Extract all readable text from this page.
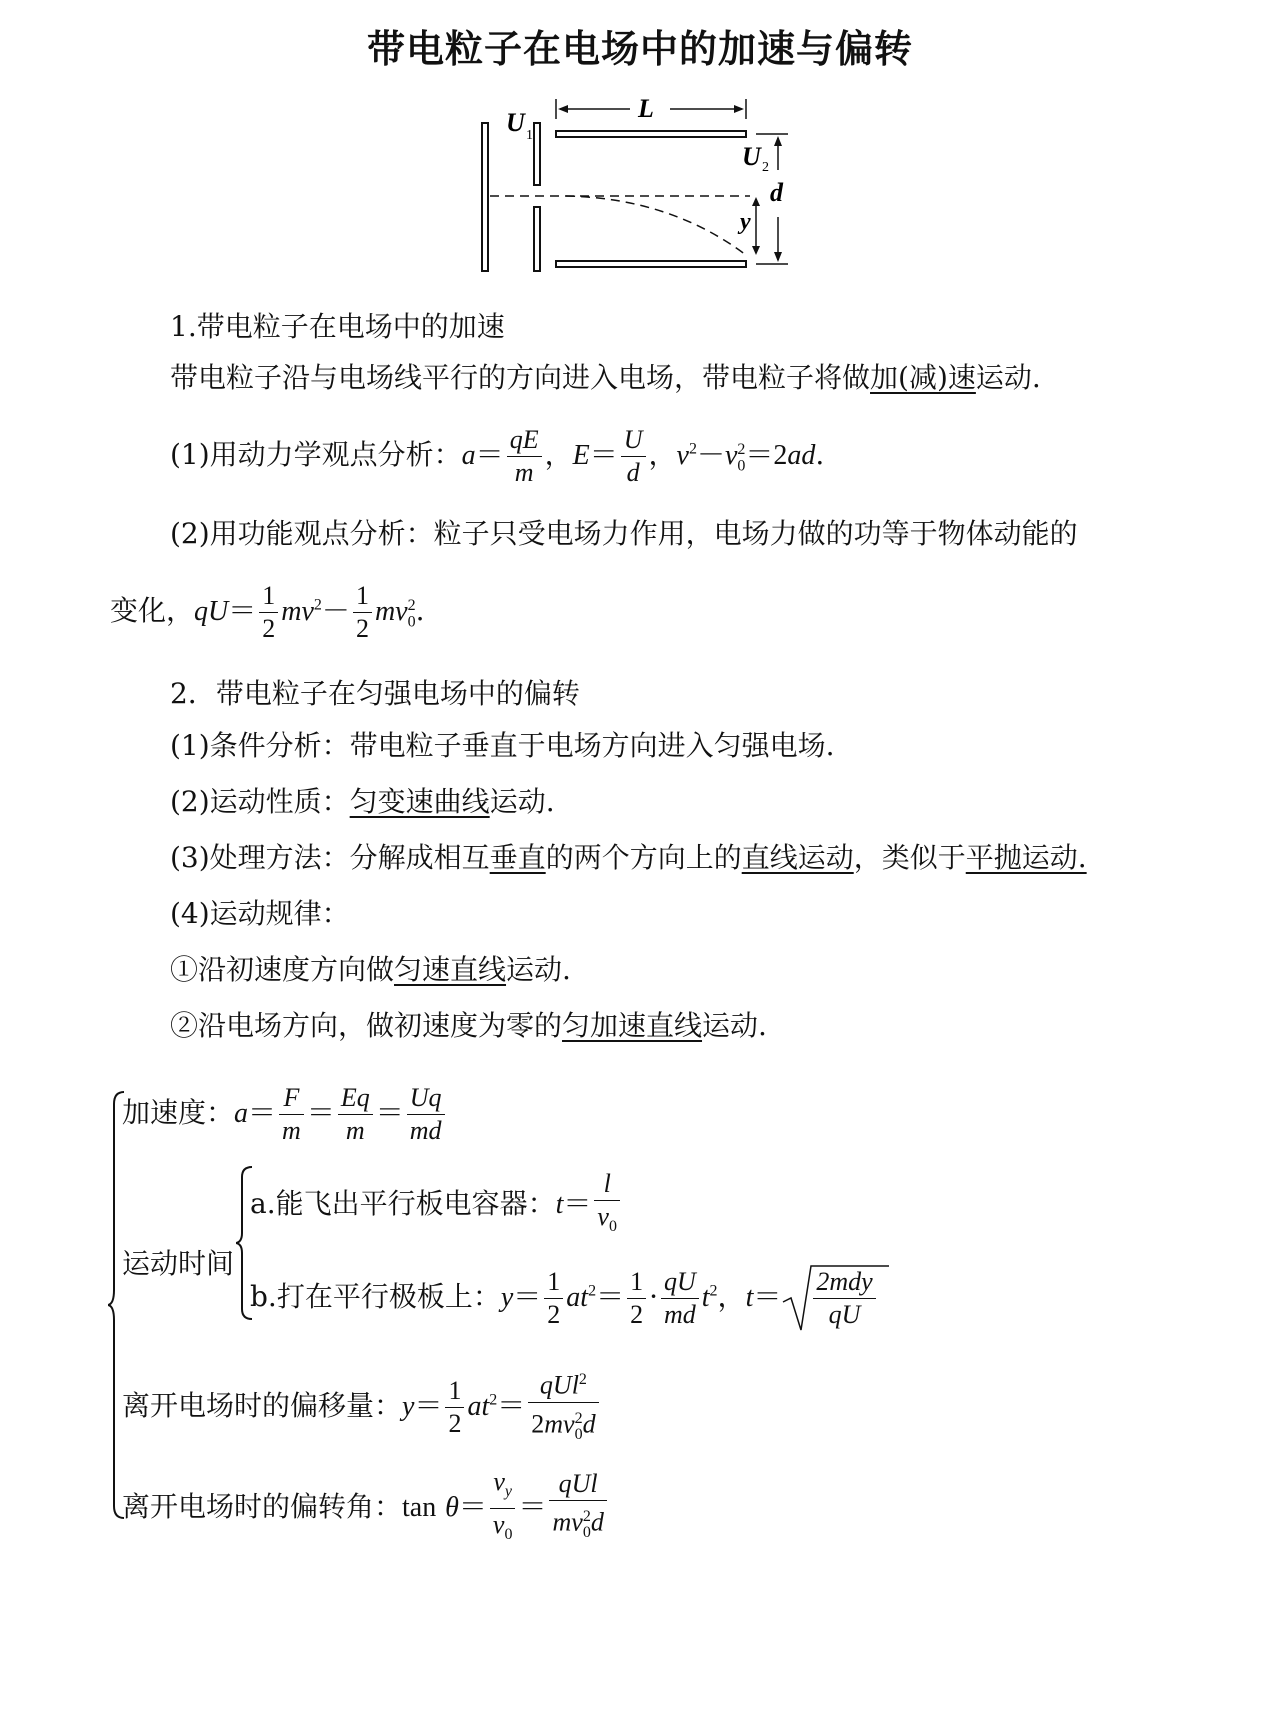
带电粒子在电场中的加速与偏转
L
U 1
d
U 2
y
1.带电粒子在电场中的加速
带电粒子沿与电场线平行的方向进入电场，带电粒子将做加(减)速运动.
(1)用动力学观点分析：$a= \frac{qE}{m}$ ，$E= \frac{U}{d}$ ，$v^2-v_0^2=2ad$.
(2)用功能观点分析：粒子只受电场力作用，电场力做的功等于物体动能的
变化，$qU= \frac{1}{2} mv^2- \frac{1}{2} mv_0^2$.
2．带电粒子在匀强电场中的偏转
(1)条件分析：带电粒子垂直于电场方向进入匀强电场.
(2)运动性质：匀变速曲线运动.
(3)处理方法：分解成相互垂直的两个方向上的直线运动，类似于平抛运动.
(4)运动规律：
①沿初速度方向做匀速直线运动.
②沿电场方向，做初速度为零的匀加速直线运动.
加速度：$a= \frac{F}{m} = \frac{Eq}{m} = \frac{Uq}{md}$
运动时间
a.能飞出平行板电容器：$t= \frac{l}{v_0}$
b.打在平行极板上：$y= \frac{1}{2} at^2= \frac{1}{2} \cdot \frac{qU}{md} t^2$，$t= \frac{\text{2mdy}}{qU}$
离开电场时的偏移量：$y= \frac{1}{2} at^2= \frac{qUl^2}{2mv_0^2d}$
离开电场时的偏转角：$\tan \theta= \frac{v_y}{v_0} = \frac{\text{qUl}}{mv_0^2d}$
